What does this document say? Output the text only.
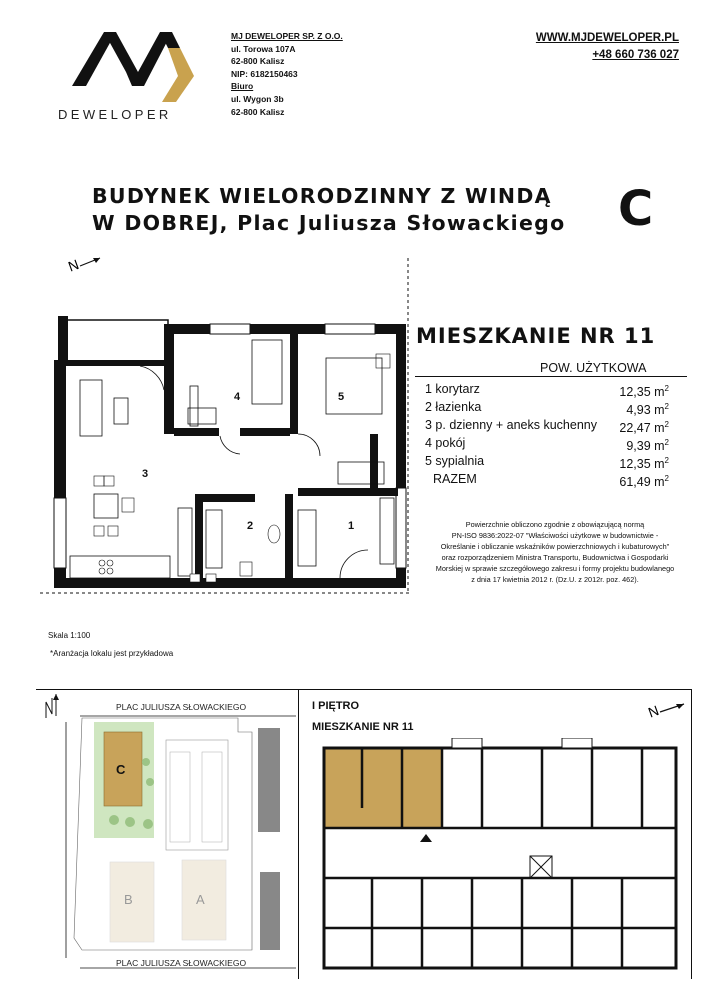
DEWELOPER
MJ DEWELOPER SP. Z O.O.
ul. Torowa 107A
62-800 Kalisz
NIP: 6182150463
Biuro
ul. Wygon 3b
62-800 Kalisz
WWW.MJDEWELOPER.PL
+48 660 736 027
BUDYNEK WIELORODZINNY Z WINDĄ
W DOBREJ, Plac Juliusza Słowackiego C
N
3
4	5
2	1
MIESZKANIE NR 11
POW. UŻYTKOWA
1 korytarz	12,35 $m^2$
2 łazienka	4,93 $m^2$
3 p. dzienny + aneks kuchenny 22,47 $m^2$
4 pokój	9,39 $m^2$
5 sypialnia	12,35 $m^2$
RAZEM	61,49 $m^2$
Powierzchnie obliczono zgodnie z obowiązującą normą
PN-ISO 9836:2022-07 "Właściwości użytkowe w budownictwie -
Określanie i obliczanie wskaźników powierzchniowych i kubaturowych"
oraz rozporządzeniem Ministra Transportu, Budownictwa i Gospodarki
Morskiej w sprawie szczegółowego zakresu i formy projektu budowlanego
z dnia 17 kwietnia 2012 r. (Dz.U. z 2012r. poz. 462).
Skala 1:100
*Aranżacja lokalu jest przykładowa
PLAC JULIUSZA SŁOWACKIEGO
PLAC JULIUSZA SŁOWACKIEGO
C
B	A
I PIĘTRO
MIESZKANIE NR 11
N
